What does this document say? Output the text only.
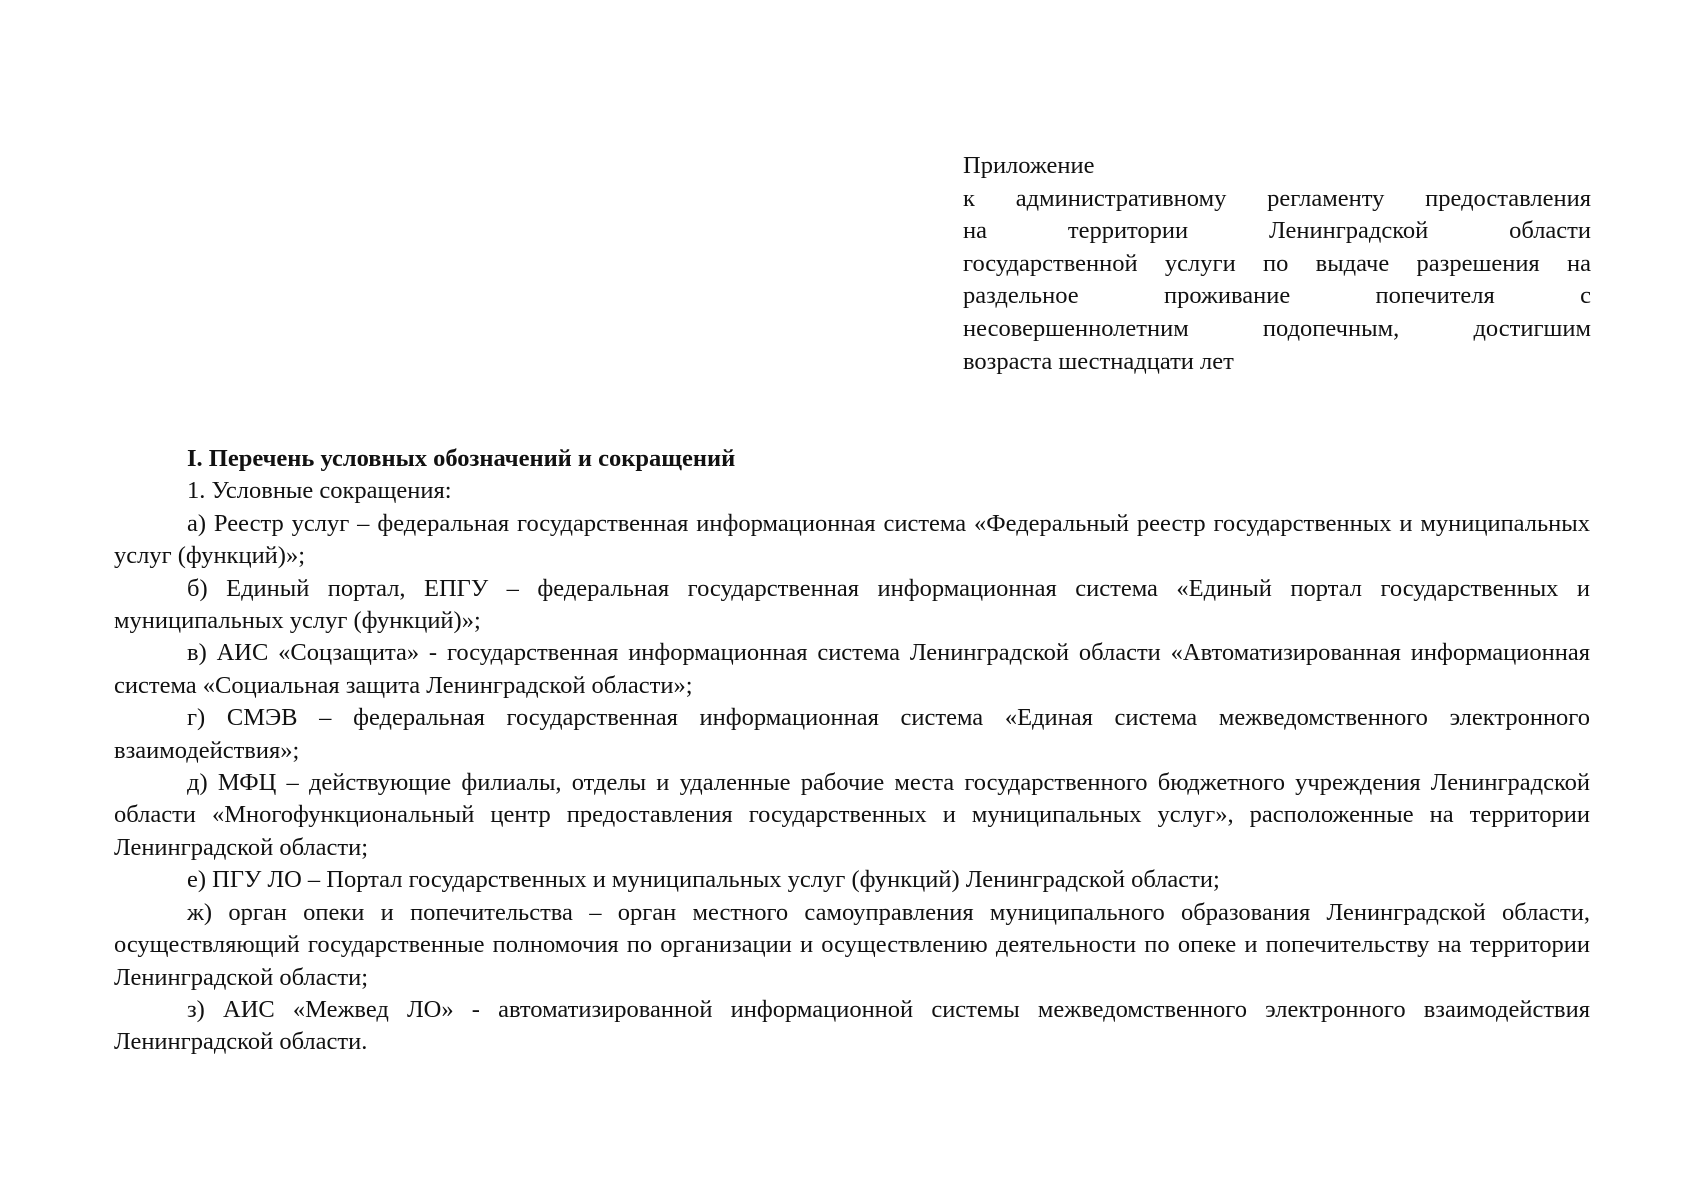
Приложение
к административному регламенту предоставления
на территории Ленинградской области
государственной услуги по выдаче разрешения на
раздельное проживание попечителя с
несовершеннолетним подопечным, достигшим
возраста шестнадцати лет

I. Перечень условных обозначений и сокращений

1. Условные сокращения:

а) Реестр услуг – федеральная государственная информационная система «Федеральный реестр государственных и муниципальных услуг (функций)»;

б) Единый портал, ЕПГУ – федеральная государственная информационная система «Единый портал государственных и муниципальных услуг (функций)»;

в) АИС «Соцзащита» - государственная информационная система Ленинградской области «Автоматизированная информационная система «Социальная защита Ленинградской области»;

г) СМЭВ – федеральная государственная информационная система «Единая система межведомственного электронного взаимодействия»;

д) МФЦ – действующие филиалы, отделы и удаленные рабочие места государственного бюджетного учреждения Ленинградской области «Многофункциональный центр предоставления государственных и муниципальных услуг», расположенные на территории Ленинградской области;

е) ПГУ ЛО – Портал государственных и муниципальных услуг (функций) Ленинградской области;

ж) орган опеки и попечительства – орган местного самоуправления муниципального образования Ленинградской области, осуществляющий государственные полномочия по организации и осуществлению деятельности по опеке и попечительству на территории Ленинградской области;

з) АИС «Межвед ЛО» - автоматизированной информационной системы межведомственного электронного взаимодействия Ленинградской области.
